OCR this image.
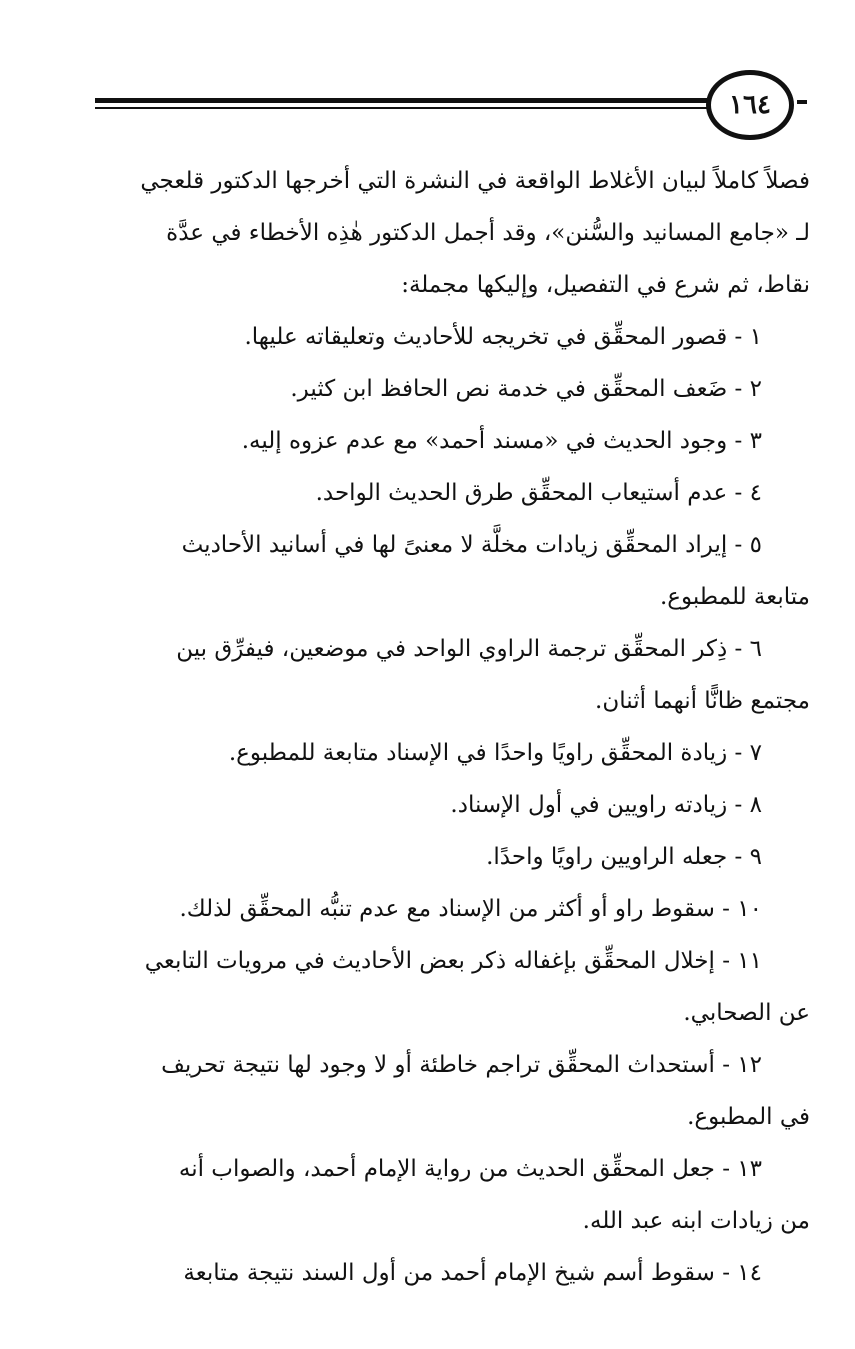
١٦٤
فصلاً كاملاً لبيان الأغلاط الواقعة في النشرة التي أخرجها الدكتور قلعجي
لـ «جامع المسانيد والسُّنن»، وقد أجمل الدكتور هٰذِه الأخطاء في عدَّة
نقاط، ثم شرع في التفصيل، وإليكها مجملة:
١ - قصور المحقِّق في تخريجه للأحاديث وتعليقاته عليها.
٢ - ضَعف المحقِّق في خدمة نص الحافظ ابن كثير.
٣ - وجود الحديث في «مسند أحمد» مع عدم عزوه إليه.
٤ - عدم أستيعاب المحقِّق طرق الحديث الواحد.
٥ - إيراد المحقِّق زيادات مخلَّة لا معنىً لها في أسانيد الأحاديث
متابعة للمطبوع.
٦ - ذِكر المحقِّق ترجمة الراوي الواحد في موضعين، فيفرِّق بين
مجتمع ظانًّا أنهما أثنان.
٧ - زيادة المحقِّق راويًا واحدًا في الإسناد متابعة للمطبوع.
٨ - زيادته راويين في أول الإسناد.
٩ - جعله الراويين راويًا واحدًا.
١٠ - سقوط راو أو أكثر من الإسناد مع عدم تنبُّه المحقِّق لذلك.
١١ - إخلال المحقِّق بإغفاله ذكر بعض الأحاديث في مرويات التابعي
عن الصحابي.
١٢ - أستحداث المحقِّق تراجم خاطئة أو لا وجود لها نتيجة تحريف
في المطبوع.
١٣ - جعل المحقِّق الحديث من رواية الإمام أحمد، والصواب أنه
من زيادات ابنه عبد الله.
١٤ - سقوط أسم شيخ الإمام أحمد من أول السند نتيجة متابعة
